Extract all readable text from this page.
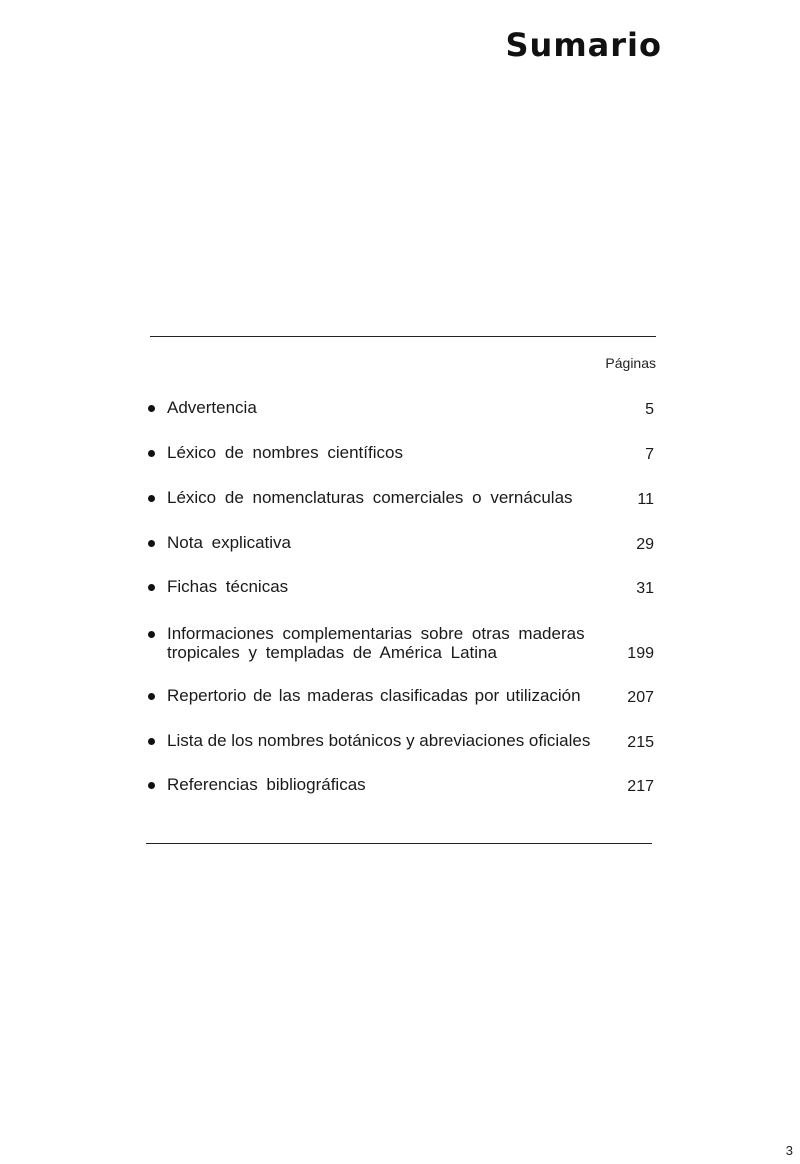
Sumario
Páginas
Advertencia	5
Léxico de nombres científicos	7
Léxico de nomenclaturas comerciales o vernáculas	11
Nota explicativa	29
Fichas técnicas	31
Informaciones complementarias sobre otras maderas tropicales y templadas de América Latina	199
Repertorio de las maderas clasificadas por utilización	207
Lista de los nombres botánicos y abreviaciones oficiales	215
Referencias bibliográficas	217
3
